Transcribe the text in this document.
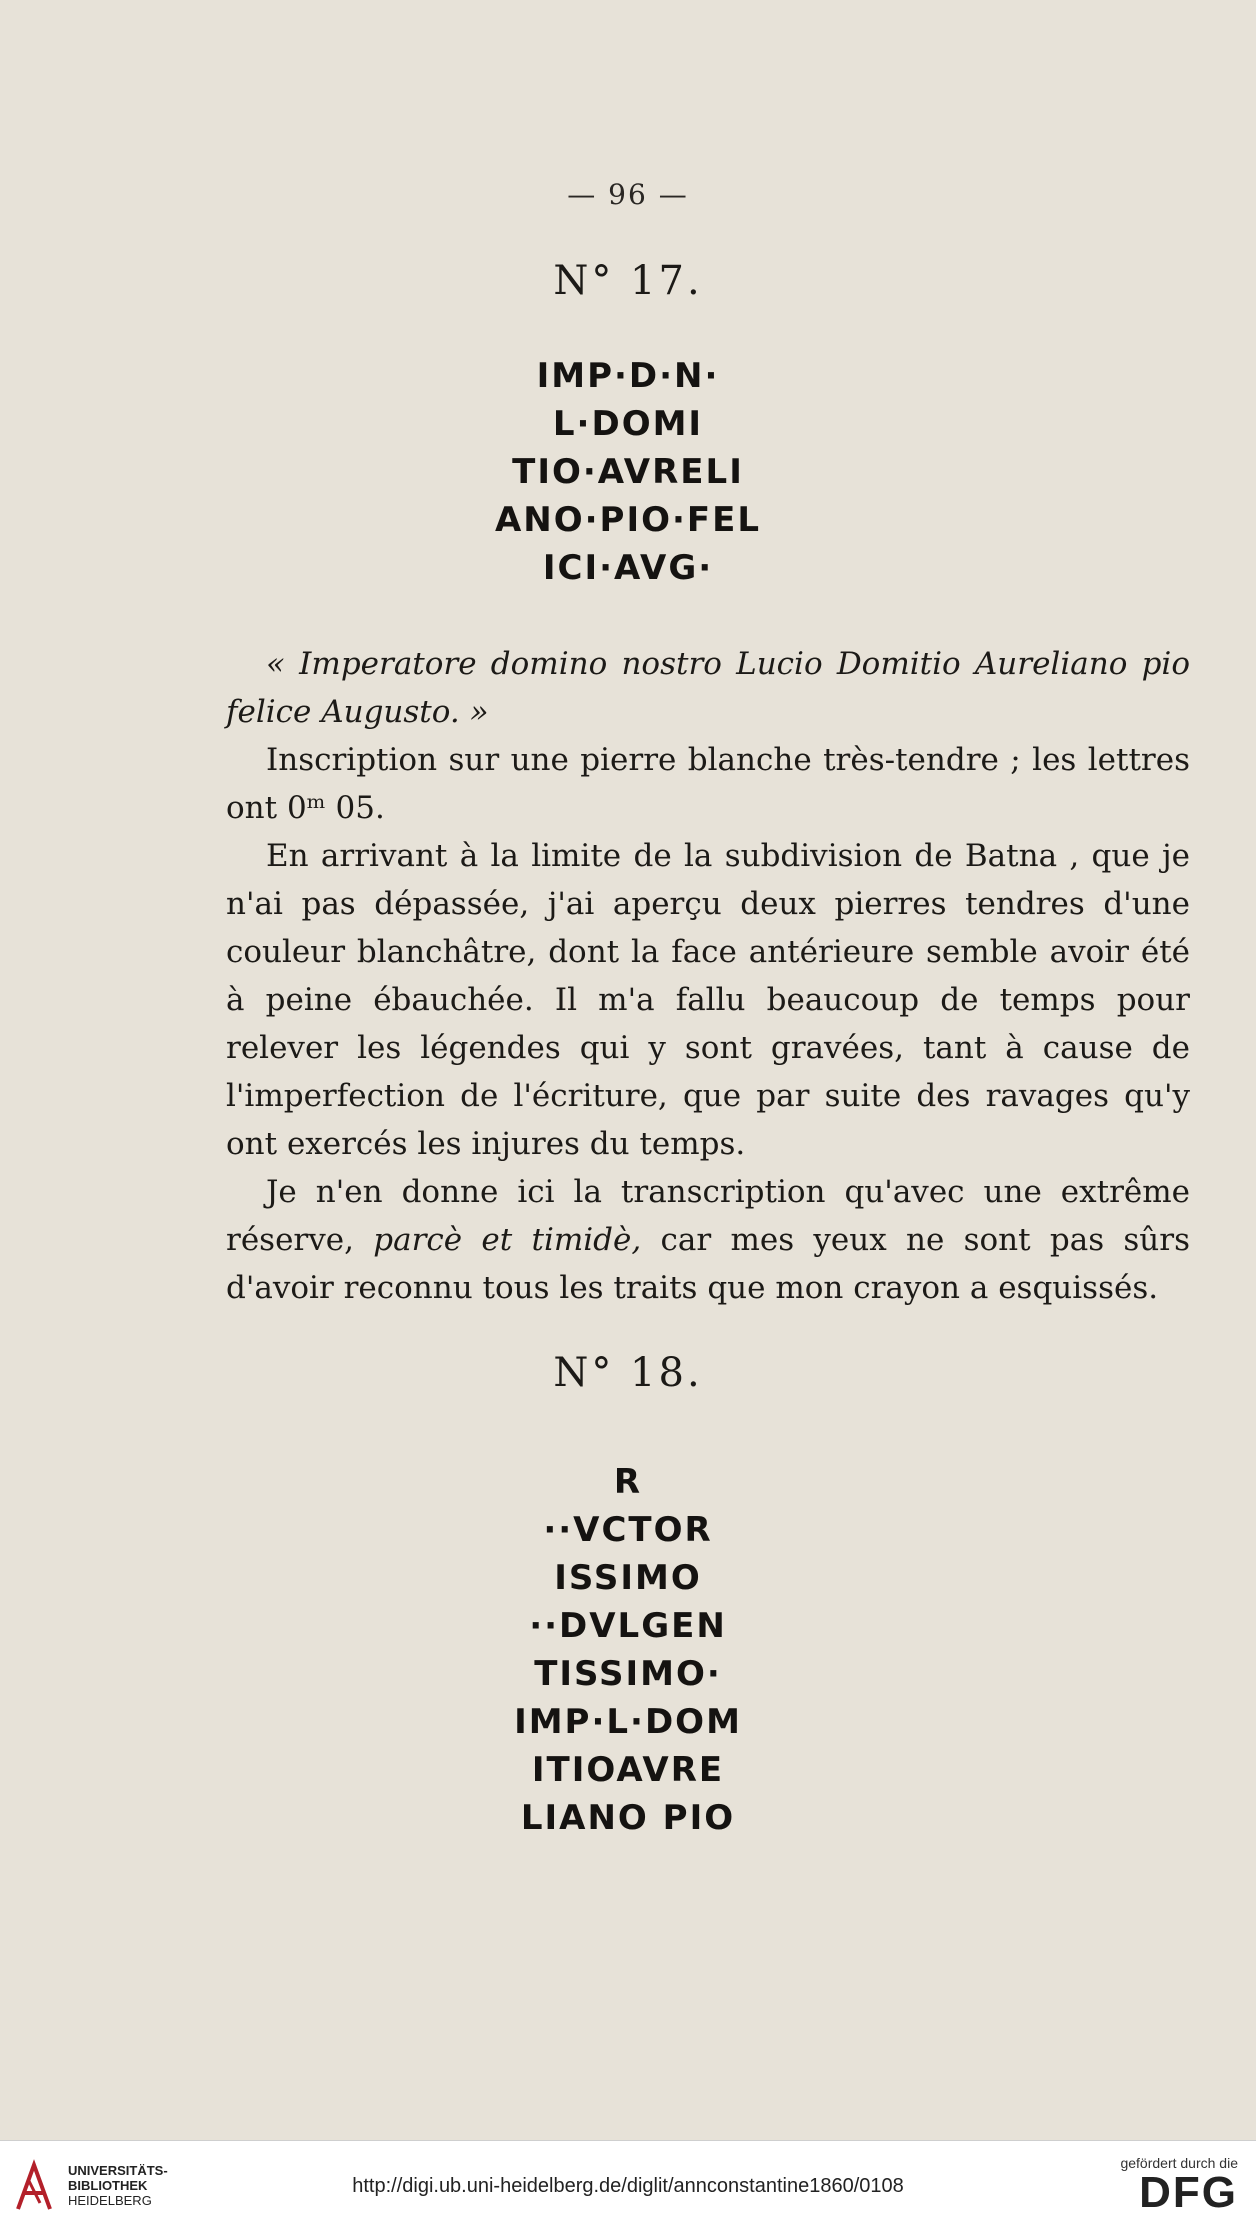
— 96 —
N° 17.
IMP·D·N·
L·DOMI
TIO·AVRELI
ANO·PIO·FEL
ICI·AVG·

« Imperatore domino nostro Lucio Domitio Aureliano pio felice Augusto. »

Inscription sur une pierre blanche très-tendre ; les lettres ont 0ᵐ 05.

En arrivant à la limite de la subdivision de Batna , que je n'ai pas dépassée, j'ai aperçu deux pierres tendres d'une couleur blanchâtre, dont la face antérieure semble avoir été à peine ébauchée. Il m'a fallu beaucoup de temps pour relever les légendes qui y sont gravées, tant à cause de l'imperfection de l'écriture, que par suite des ravages qu'y ont exercés les injures du temps.

Je n'en donne ici la transcription qu'avec une extrême réserve, parcè et timidè, car mes yeux ne sont pas sûrs d'avoir reconnu tous les traits que mon crayon a esquissés.

N° 18.
R
··VCTOR
ISSIMO
··DVLGEN
TISSIMO·
IMP·L·DOM
ITIOAVRE
LIANO PIO
UNIVERSITÄTS-
BIBLIOTHEK
HEIDELBERG
http://digi.ub.uni-heidelberg.de/diglit/annconstantine1860/0108
gefördert durch die
DFG
